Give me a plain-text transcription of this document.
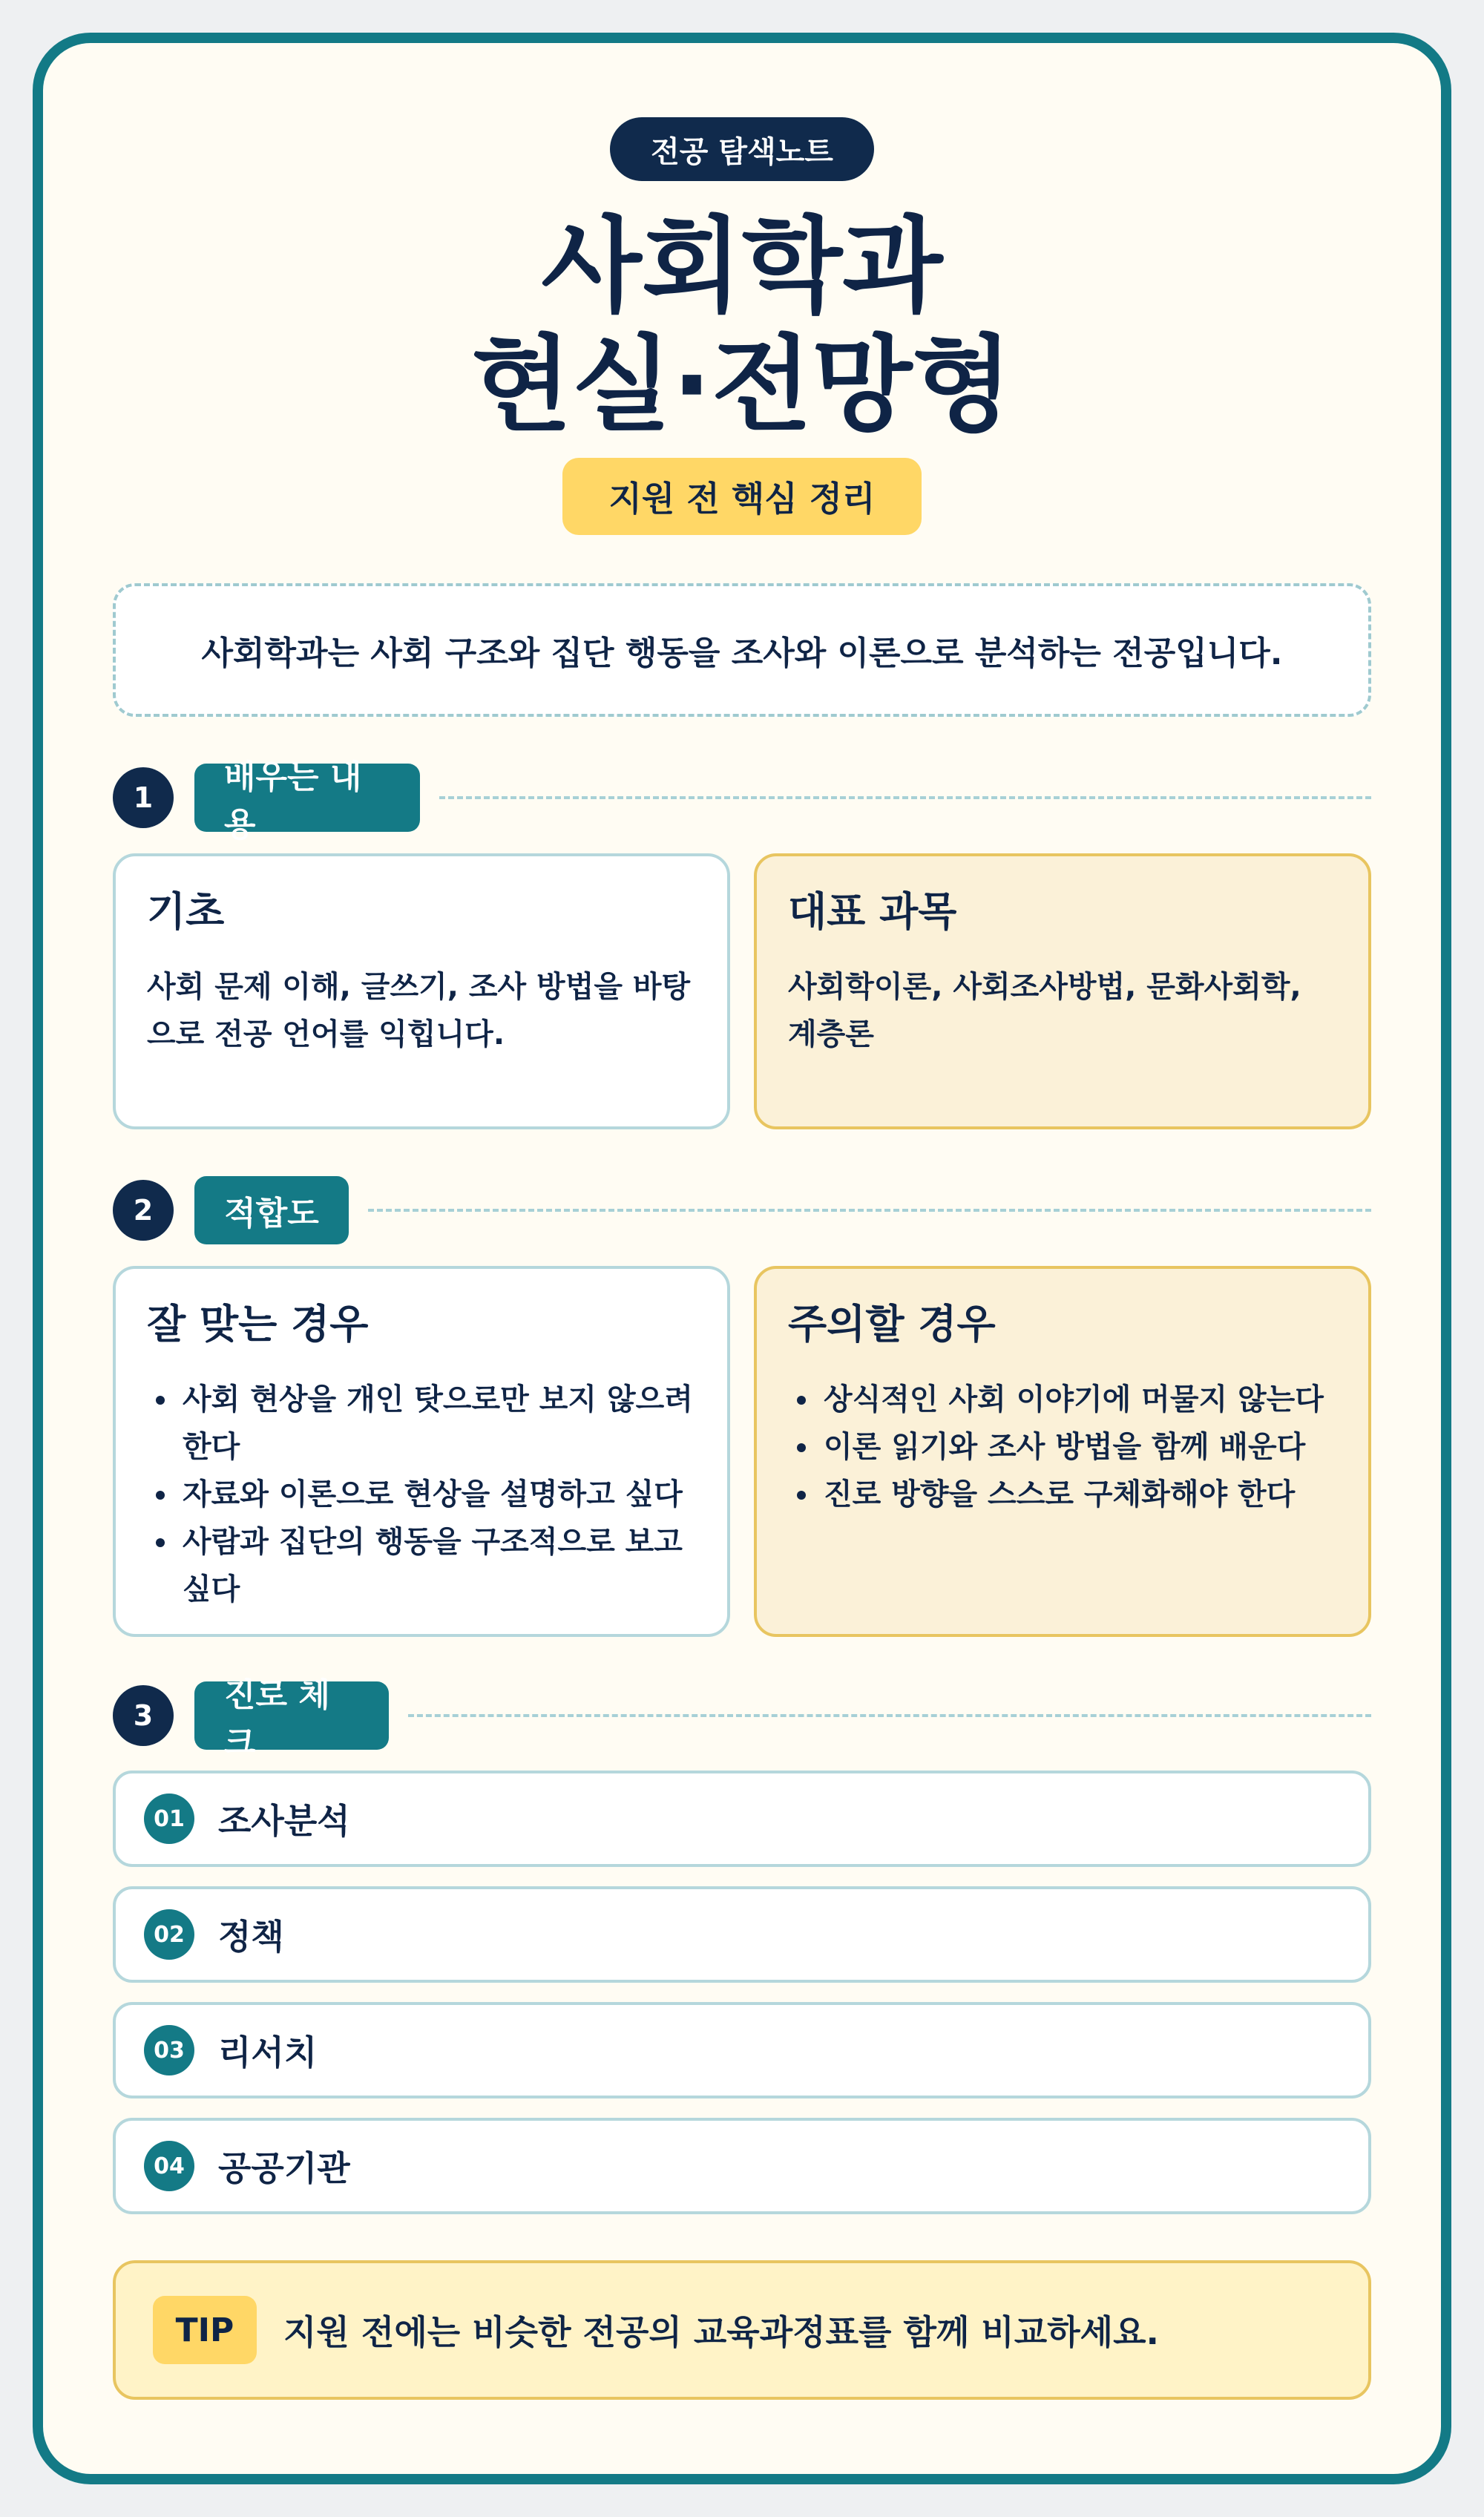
전공 탐색노트
사회학과
현실·전망형
지원 전 핵심 정리
사회학과는 사회 구조와 집단 행동을 조사와 이론으로 분석하는 전공입니다.
1
배우는 내용
기초

사회 문제 이해, 글쓰기, 조사 방법을 바탕으로 전공 언어를 익힙니다.

대표 과목

사회학이론, 사회조사방법, 문화사회학, 계층론

2	적합도
잘 맞는 경우
사회 현상을 개인 탓으로만 보지 않으려 한다
자료와 이론으로 현상을 설명하고 싶다
사람과 집단의 행동을 구조적으로 보고 싶다
주의할 경우
상식적인 사회 이야기에 머물지 않는다
이론 읽기와 조사 방법을 함께 배운다
진로 방향을 스스로 구체화해야 한다
3
진로 체크
01 조사분석
02 정책
03 리서치
04 공공기관
TIP	지원 전에는 비슷한 전공의 교육과정표를 함께 비교하세요.
